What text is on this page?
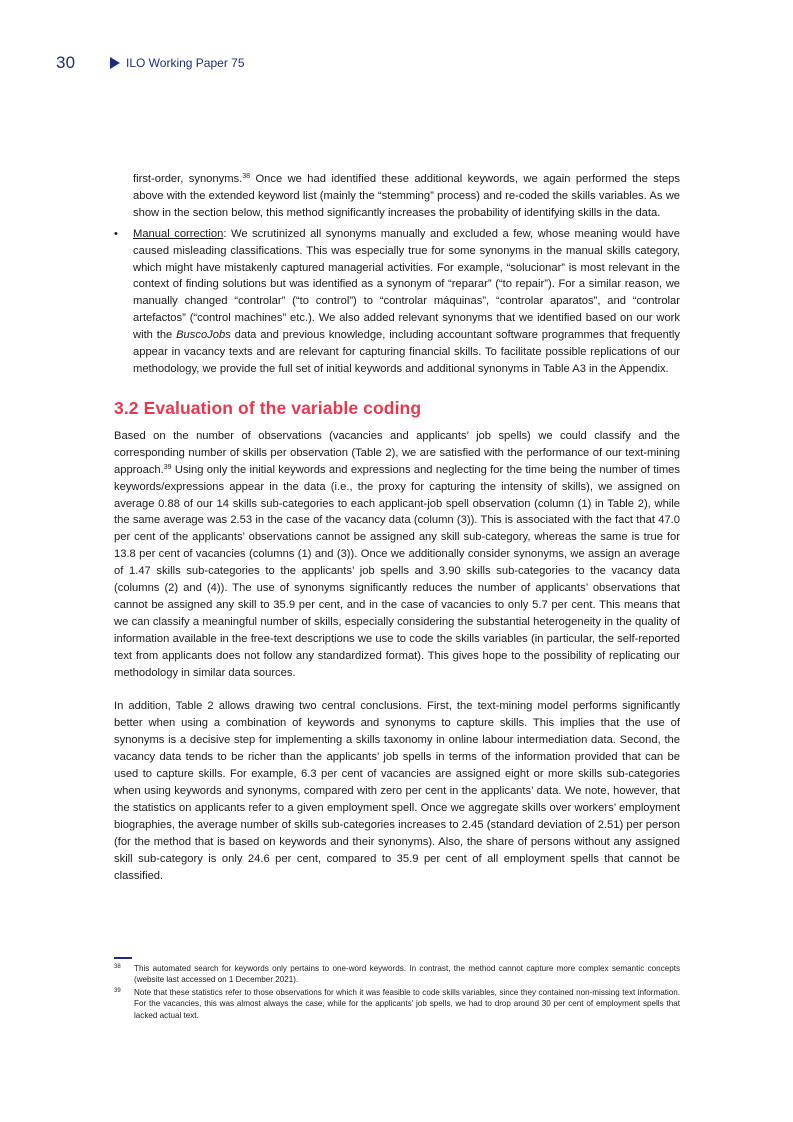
30	ILO Working Paper 75

first-order, synonyms.$^{38}$ Once we had identified these additional keywords, we again performed the steps above with the extended keyword list (mainly the “stemming” process) and re-coded the skills variables. As we show in the section below, this method significantly increases the probability of identifying skills in the data.

• Manual correction: We scrutinized all synonyms manually and excluded a few, whose meaning would have caused misleading classifications. This was especially true for some synonyms in the manual skills category, which might have mistakenly captured managerial activities. For example, “solucionar” is most relevant in the context of finding solutions but was identified as a synonym of “reparar” (“to repair”). For a similar reason, we manually changed “controlar” (“to control”) to “controlar máquinas”, “controlar aparatos”, and “controlar artefactos” (“control machines” etc.). We also added relevant synonyms that we identified based on our work with the BuscoJobs data and previous knowledge, including accountant software programmes that frequently appear in vacancy texts and are relevant for capturing financial skills. To facilitate possible replications of our methodology, we provide the full set of initial keywords and additional synonyms in Table A3 in the Appendix.

3.2 Evaluation of the variable coding

Based on the number of observations (vacancies and applicants’ job spells) we could classify and the corresponding number of skills per observation (Table 2), we are satisfied with the performance of our text-mining approach.$^{39}$ Using only the initial keywords and expressions and neglecting for the time being the number of times keywords/expressions appear in the data (i.e., the proxy for capturing the intensity of skills), we assigned on average 0.88 of our 14 skills sub-categories to each applicant-job spell observation (column (1) in Table 2), while the same average was 2.53 in the case of the vacancy data (column (3)). This is associated with the fact that 47.0 per cent of the applicants’ observations cannot be assigned any skill sub-category, whereas the same is true for 13.8 per cent of vacancies (columns (1) and (3)). Once we additionally consider synonyms, we assign an average of 1.47 skills sub-categories to the applicants’ job spells and 3.90 skills sub-categories to the vacancy data (columns (2) and (4)). The use of synonyms significantly reduces the number of applicants’ observations that cannot be assigned any skill to 35.9 per cent, and in the case of vacancies to only 5.7 per cent. This means that we can classify a meaningful number of skills, especially considering the substantial heterogeneity in the quality of information available in the free-text descriptions we use to code the skills variables (in particular, the self-reported text from applicants does not follow any standardized format). This gives hope to the possibility of replicating our methodology in similar data sources.

In addition, Table 2 allows drawing two central conclusions. First, the text-mining model performs significantly better when using a combination of keywords and synonyms to capture skills. This implies that the use of synonyms is a decisive step for implementing a skills taxonomy in online labour intermediation data. Second, the vacancy data tends to be richer than the applicants’ job spells in terms of the information provided that can be used to capture skills. For example, 6.3 per cent of vacancies are assigned eight or more skills sub-categories when using keywords and synonyms, compared with zero per cent in the applicants’ data. We note, however, that the statistics on applicants refer to a given employment spell. Once we aggregate skills over workers’ employment biographies, the average number of skills sub-categories increases to 2.45 (standard deviation of 2.51) per person (for the method that is based on keywords and their synonyms). Also, the share of persons without any assigned skill sub-category is only 24.6 per cent, compared to 35.9 per cent of all employment spells that cannot be classified.

38 This automated search for keywords only pertains to one-word keywords. In contrast, the method cannot capture more complex semantic concepts (website last accessed on 1 December 2021).
39 Note that these statistics refer to those observations for which it was feasible to code skills variables, since they contained non-missing text information. For the vacancies, this was almost always the case, while for the applicants’ job spells, we had to drop around 30 per cent of employment spells that lacked actual text.
